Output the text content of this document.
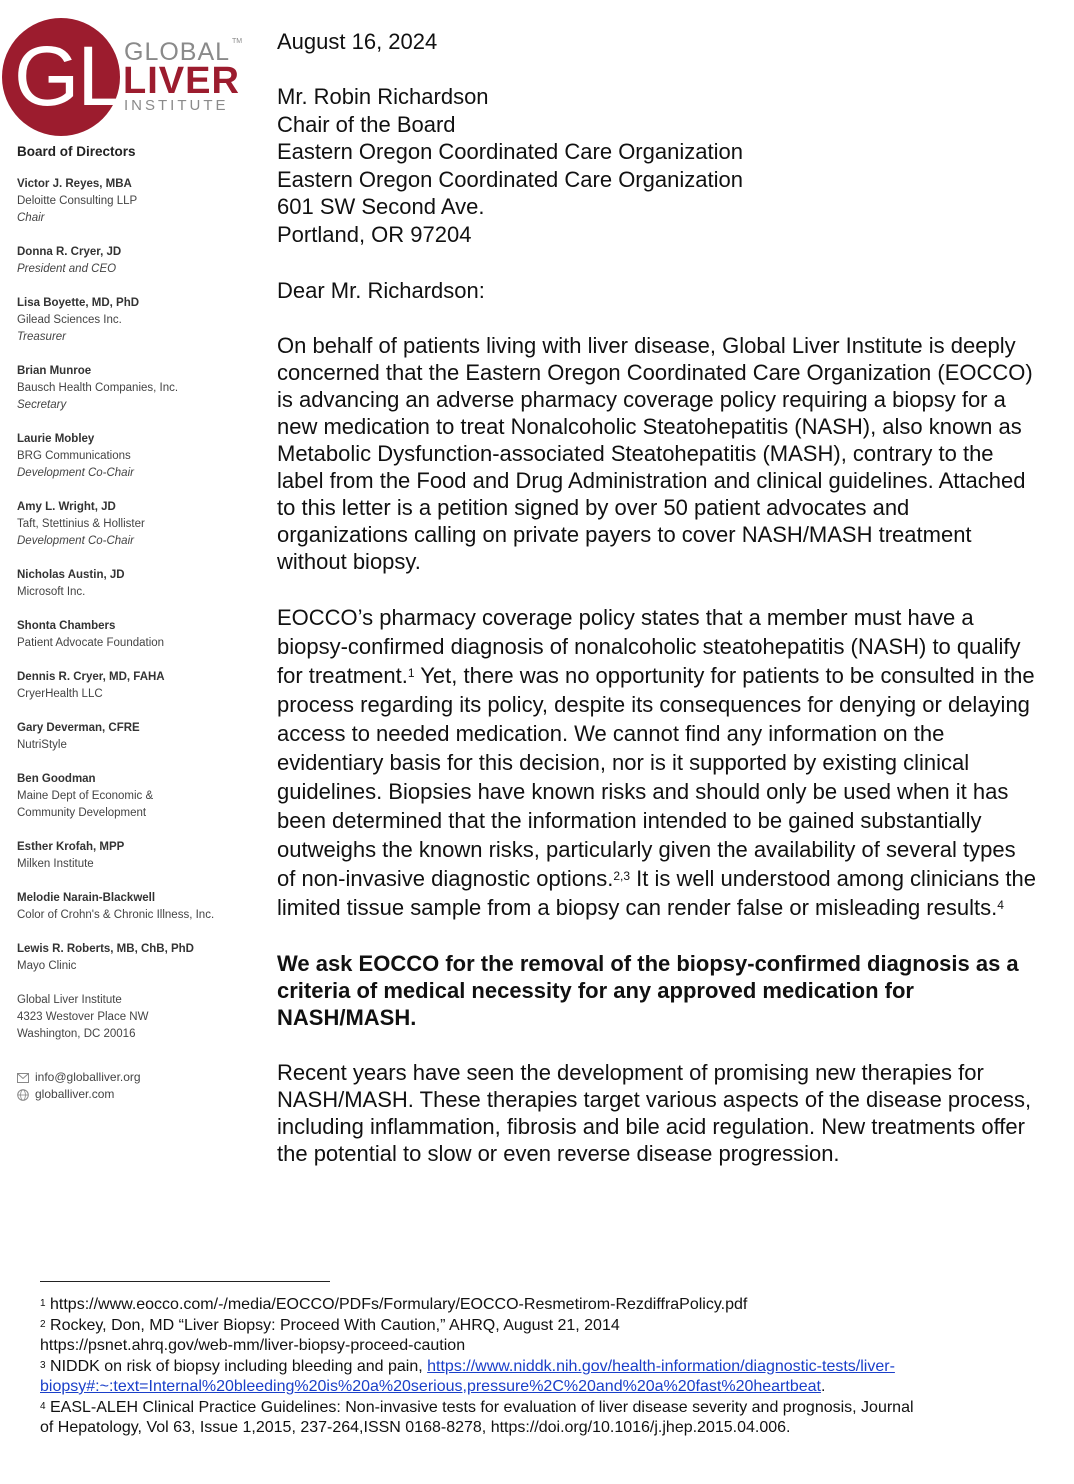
GLI
GLOBAL TM
LIVER
INSTITUTE
Board of Directors
Victor J. Reyes, MBA
Deloitte Consulting LLP
Chair
Donna R. Cryer, JD
President and CEO
Lisa Boyette, MD, PhD
Gilead Sciences Inc.
Treasurer
Brian Munroe
Bausch Health Companies, Inc.
Secretary
Laurie Mobley
BRG Communications
Development Co-Chair
Amy L. Wright, JD
Taft, Stettinius & Hollister
Development Co-Chair
Nicholas Austin, JD
Microsoft Inc.
Shonta Chambers
Patient Advocate Foundation
Dennis R. Cryer, MD, FAHA
CryerHealth LLC
Gary Deverman, CFRE
NutriStyle
Ben Goodman
Maine Dept of Economic &
Community Development
Esther Krofah, MPP
Milken Institute
Melodie Narain-Blackwell
Color of Crohn's & Chronic Illness, Inc.
Lewis R. Roberts, MB, ChB, PhD
Mayo Clinic
Global Liver Institute
4323 Westover Place NW
Washington, DC 20016
info@globalliver.org
globalliver.com
August 16, 2024
Mr. Robin Richardson
Chair of the Board
Eastern Oregon Coordinated Care Organization
Eastern Oregon Coordinated Care Organization
601 SW Second Ave.
Portland, OR 97204
Dear Mr. Richardson:
On behalf of patients living with liver disease, Global Liver Institute is deeply concerned that the Eastern Oregon Coordinated Care Organization (EOCCO) is advancing an adverse pharmacy coverage policy requiring a biopsy for a new medication to treat Nonalcoholic Steatohepatitis (NASH), also known as Metabolic Dysfunction-associated Steatohepatitis (MASH), contrary to the label from the Food and Drug Administration and clinical guidelines. Attached to this letter is a petition signed by over 50 patient advocates and organizations calling on private payers to cover NASH/MASH treatment without biopsy.
EOCCO’s pharmacy coverage policy states that a member must have a biopsy-confirmed diagnosis of nonalcoholic steatohepatitis (NASH) to qualify for treatment.$^1$ Yet, there was no opportunity for patients to be consulted in the process regarding its policy, despite its consequences for denying or delaying access to needed medication. We cannot find any information on the evidentiary basis for this decision, nor is it supported by existing clinical guidelines. Biopsies have known risks and should only be used when it has been determined that the information intended to be gained substantially outweighs the known risks, particularly given the availability of several types of non-invasive diagnostic options.$^{2,3}$ It is well understood among clinicians the limited tissue sample from a biopsy can render false or misleading results.$^4$
We ask EOCCO for the removal of the biopsy-confirmed diagnosis as a criteria of medical necessity for any approved medication for NASH/MASH.
Recent years have seen the development of promising new therapies for NASH/MASH. These therapies target various aspects of the disease process, including inflammation, fibrosis and bile acid regulation. New treatments offer the potential to slow or even reverse disease progression.
$^1$ https://www.eocco.com/-/media/EOCCO/PDFs/Formulary/EOCCO-Resmetirom-RezdiffraPolicy.pdf
$^2$ Rockey, Don, MD “Liver Biopsy: Proceed With Caution,” AHRQ, August 21, 2014
https://psnet.ahrq.gov/web-mm/liver-biopsy-proceed-caution
$^3$ NIDDK on risk of biopsy including bleeding and pain, https://www.niddk.nih.gov/health-information/diagnostic-tests/liver-
biopsy#:~:text=Internal%20bleeding%20is%20a%20serious,pressure%2C%20and%20a%20fast%20heartbeat.
$^4$ EASL-ALEH Clinical Practice Guidelines: Non-invasive tests for evaluation of liver disease severity and prognosis, Journal
of Hepatology, Vol 63, Issue 1,2015, 237-264,ISSN 0168-8278, https://doi.org/10.1016/j.jhep.2015.04.006.
